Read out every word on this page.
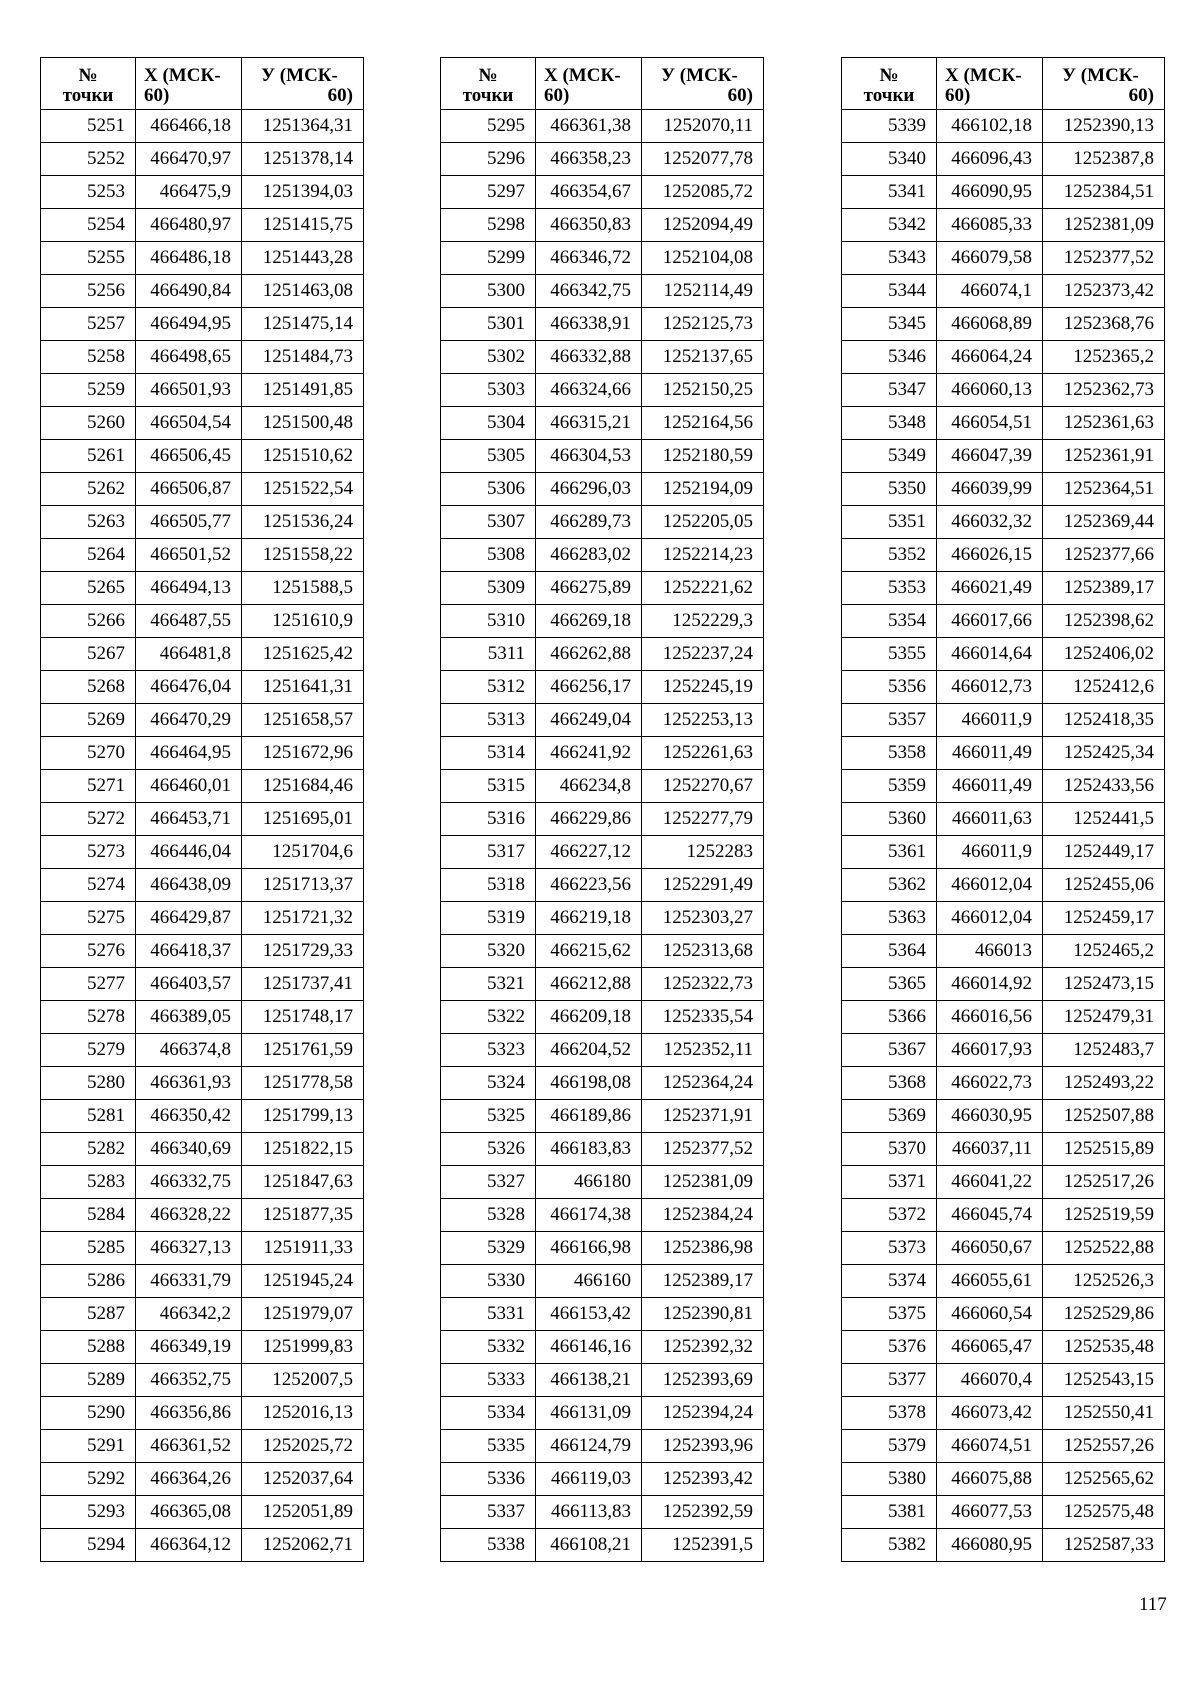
№
точки	Х (МСК-
60)	У (МСК-
60)

5251	466466,18	1251364,31
5252	466470,97	1251378,14
5253	466475,9	1251394,03
5254	466480,97	1251415,75
5255	466486,18	1251443,28
5256	466490,84	1251463,08
5257	466494,95	1251475,14
5258	466498,65	1251484,73
5259	466501,93	1251491,85
5260	466504,54	1251500,48
5261	466506,45	1251510,62
5262	466506,87	1251522,54
5263	466505,77	1251536,24
5264	466501,52	1251558,22
5265	466494,13	1251588,5
5266	466487,55	1251610,9
5267	466481,8	1251625,42
5268	466476,04	1251641,31
5269	466470,29	1251658,57
5270	466464,95	1251672,96
5271	466460,01	1251684,46
5272	466453,71	1251695,01
5273	466446,04	1251704,6
5274	466438,09	1251713,37
5275	466429,87	1251721,32
5276	466418,37	1251729,33
5277	466403,57	1251737,41
5278	466389,05	1251748,17
5279	466374,8	1251761,59
5280	466361,93	1251778,58
5281	466350,42	1251799,13
5282	466340,69	1251822,15
5283	466332,75	1251847,63
5284	466328,22	1251877,35
5285	466327,13	1251911,33
5286	466331,79	1251945,24
5287	466342,2	1251979,07
5288	466349,19	1251999,83
5289	466352,75	1252007,5
5290	466356,86	1252016,13
5291	466361,52	1252025,72
5292	466364,26	1252037,64
5293	466365,08	1252051,89
5294	466364,12	1252062,71
№
точки	Х (МСК-
60)	У (МСК-
60)

5295	466361,38	1252070,11
5296	466358,23	1252077,78
5297	466354,67	1252085,72
5298	466350,83	1252094,49
5299	466346,72	1252104,08
5300	466342,75	1252114,49
5301	466338,91	1252125,73
5302	466332,88	1252137,65
5303	466324,66	1252150,25
5304	466315,21	1252164,56
5305	466304,53	1252180,59
5306	466296,03	1252194,09
5307	466289,73	1252205,05
5308	466283,02	1252214,23
5309	466275,89	1252221,62
5310	466269,18	1252229,3
5311	466262,88	1252237,24
5312	466256,17	1252245,19
5313	466249,04	1252253,13
5314	466241,92	1252261,63
5315	466234,8	1252270,67
5316	466229,86	1252277,79
5317	466227,12	1252283
5318	466223,56	1252291,49
5319	466219,18	1252303,27
5320	466215,62	1252313,68
5321	466212,88	1252322,73
5322	466209,18	1252335,54
5323	466204,52	1252352,11
5324	466198,08	1252364,24
5325	466189,86	1252371,91
5326	466183,83	1252377,52
5327	466180	1252381,09
5328	466174,38	1252384,24
5329	466166,98	1252386,98
5330	466160	1252389,17
5331	466153,42	1252390,81
5332	466146,16	1252392,32
5333	466138,21	1252393,69
5334	466131,09	1252394,24
5335	466124,79	1252393,96
5336	466119,03	1252393,42
5337	466113,83	1252392,59
5338	466108,21	1252391,5
№
точки	Х (МСК-
60)	У (МСК-
60)

5339	466102,18	1252390,13
5340	466096,43	1252387,8
5341	466090,95	1252384,51
5342	466085,33	1252381,09
5343	466079,58	1252377,52
5344	466074,1	1252373,42
5345	466068,89	1252368,76
5346	466064,24	1252365,2
5347	466060,13	1252362,73
5348	466054,51	1252361,63
5349	466047,39	1252361,91
5350	466039,99	1252364,51
5351	466032,32	1252369,44
5352	466026,15	1252377,66
5353	466021,49	1252389,17
5354	466017,66	1252398,62
5355	466014,64	1252406,02
5356	466012,73	1252412,6
5357	466011,9	1252418,35
5358	466011,49	1252425,34
5359	466011,49	1252433,56
5360	466011,63	1252441,5
5361	466011,9	1252449,17
5362	466012,04	1252455,06
5363	466012,04	1252459,17
5364	466013	1252465,2
5365	466014,92	1252473,15
5366	466016,56	1252479,31
5367	466017,93	1252483,7
5368	466022,73	1252493,22
5369	466030,95	1252507,88
5370	466037,11	1252515,89
5371	466041,22	1252517,26
5372	466045,74	1252519,59
5373	466050,67	1252522,88
5374	466055,61	1252526,3
5375	466060,54	1252529,86
5376	466065,47	1252535,48
5377	466070,4	1252543,15
5378	466073,42	1252550,41
5379	466074,51	1252557,26
5380	466075,88	1252565,62
5381	466077,53	1252575,48
5382	466080,95	1252587,33
117
